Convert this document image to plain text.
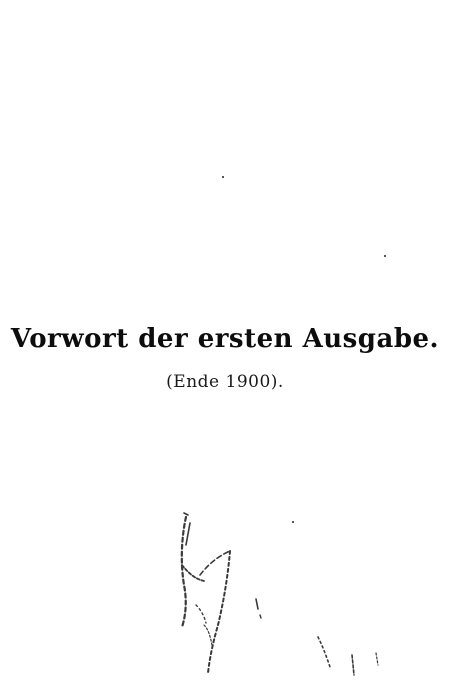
Vorwort der ersten Ausgabe.
(Ende 1900).
